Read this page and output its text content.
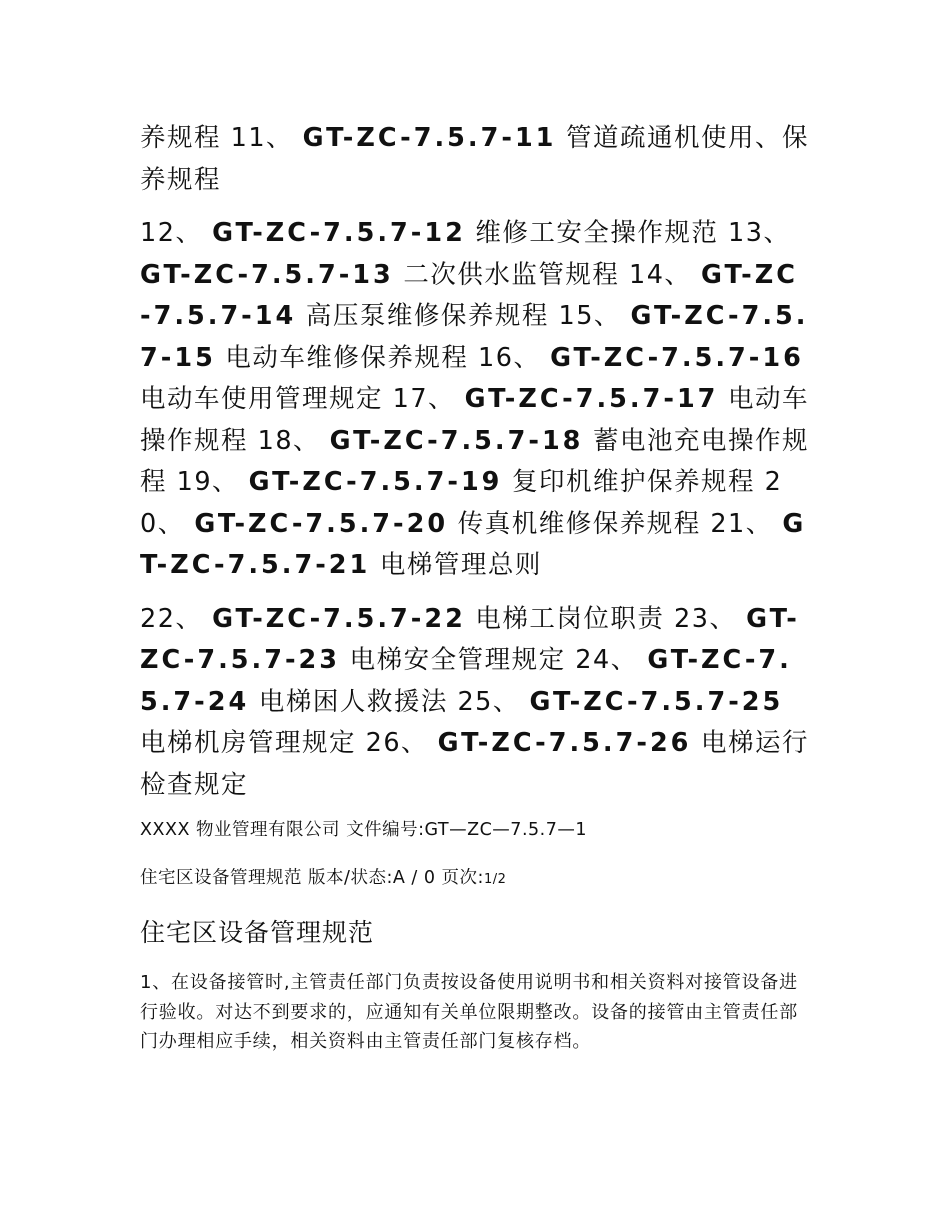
养规程 11、 GT-ZC-7.5.7-11 管道疏通机使用、保养规程

12、 GT-ZC-7.5.7-12 维修工安全操作规范 13、 GT-ZC-7.5.7-13 二次供水监管规程 14、 GT-ZC-7.5.7-14 高压泵维修保养规程 15、 GT-ZC-7.5.7-15 电动车维修保养规程 16、 GT-ZC-7.5.7-16 电动车使用管理规定 17、 GT-ZC-7.5.7-17 电动车操作规程 18、 GT-ZC-7.5.7-18 蓄电池充电操作规程 19、 GT-ZC-7.5.7-19 复印机维护保养规程 20、 GT-ZC-7.5.7-20 传真机维修保养规程 21、 GT-ZC-7.5.7-21 电梯管理总则

22、 GT-ZC-7.5.7-22 电梯工岗位职责 23、 GT-ZC-7.5.7-23 电梯安全管理规定 24、 GT-ZC-7.5.7-24 电梯困人救援法 25、 GT-ZC-7.5.7-25 电梯机房管理规定 26、 GT-ZC-7.5.7-26 电梯运行检查规定

XXXX 物业管理有限公司 文件编号:GT—ZC—7.5.7—1

住宅区设备管理规范 版本/状态:A / 0 页次:1/2

住宅区设备管理规范

1、在设备接管时,主管责任部门负责按设备使用说明书和相关资料对接管设备进行验收。对达不到要求的，应通知有关单位限期整改。设备的接管由主管责任部门办理相应手续，相关资料由主管责任部门复核存档。
